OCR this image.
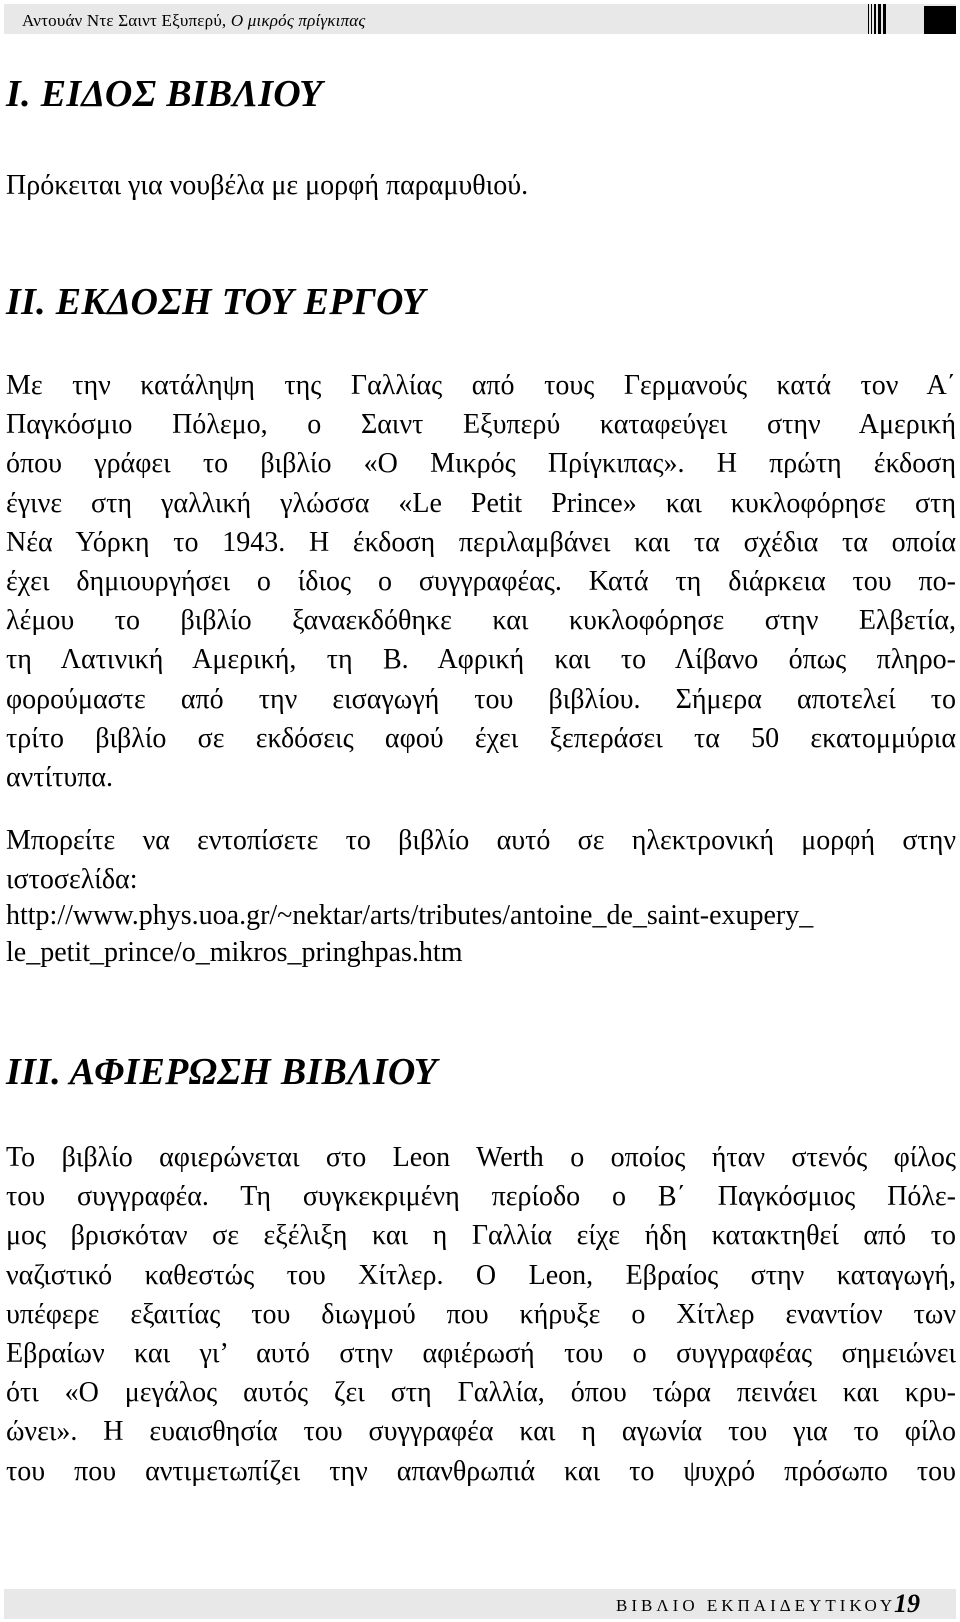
Αντουάν Ντε Σαιντ Εξυπερύ, Ο μικρός πρίγκιπας
Ι. ΕΙΔΟΣ ΒΙΒΛΙΟΥ
Πρόκειται για νουβέλα με μορφή παραμυθιού.
ΙΙ. ΕΚΔΟΣΗ ΤΟΥ ΕΡΓΟΥ
Με την κατάληψη της Γαλλίας από τους Γερμανούς κατά τον Α΄
Παγκόσμιο Πόλεμο, ο Σαιντ Εξυπερύ καταφεύγει στην Αμερική
όπου γράφει το βιβλίο «Ο Μικρός Πρίγκιπας». Η πρώτη έκδοση
έγινε στη γαλλική γλώσσα «Le Petit Prince» και κυκλοφόρησε στη
Νέα Υόρκη το 1943. Η έκδοση περιλαμβάνει και τα σχέδια τα οποία
έχει δημιουργήσει ο ίδιος ο συγγραφέας. Κατά τη διάρκεια του πο-
λέμου το βιβλίο ξαναεκδόθηκε και κυκλοφόρησε στην Ελβετία,
τη Λατινική Αμερική, τη Β. Αφρική και το Λίβανο όπως πληρο-
φορούμαστε από την εισαγωγή του βιβλίου. Σήμερα αποτελεί το
τρίτο βιβλίο σε εκδόσεις αφού έχει ξεπεράσει τα 50 εκατομμύρια
αντίτυπα.
Μπορείτε να εντοπίσετε το βιβλίο αυτό σε ηλεκτρονική μορφή στην
ιστοσελίδα:
http://www.phys.uoa.gr/~nektar/arts/tributes/antoine_de_saint-exupery_
le_petit_prince/o_mikros_pringhpas.htm
ΙΙΙ. ΑΦΙΕΡΩΣΗ ΒΙΒΛΙΟΥ
Το βιβλίο αφιερώνεται στο Leon Werth ο οποίος ήταν στενός φίλος
του συγγραφέα. Τη συγκεκριμένη περίοδο ο Β΄ Παγκόσμιος Πόλε-
μος βρισκόταν σε εξέλιξη και η Γαλλία είχε ήδη κατακτηθεί από το
ναζιστικό καθεστώς του Χίτλερ. Ο Leon, Εβραίος στην καταγωγή,
υπέφερε εξαιτίας του διωγμού που κήρυξε ο Χίτλερ εναντίον των
Εβραίων και γι’ αυτό στην αφιέρωσή του ο συγγραφέας σημειώνει
ότι «Ο μεγάλος αυτός ζει στη Γαλλία, όπου τώρα πεινάει και κρυ-
ώνει». Η ευαισθησία του συγγραφέα και η αγωνία του για το φίλο
του που αντιμετωπίζει την απανθρωπιά και το ψυχρό πρόσωπο του
ΒΙΒΛΙΟ ΕΚΠΑΙΔΕΥΤΙΚΟΥ
19
